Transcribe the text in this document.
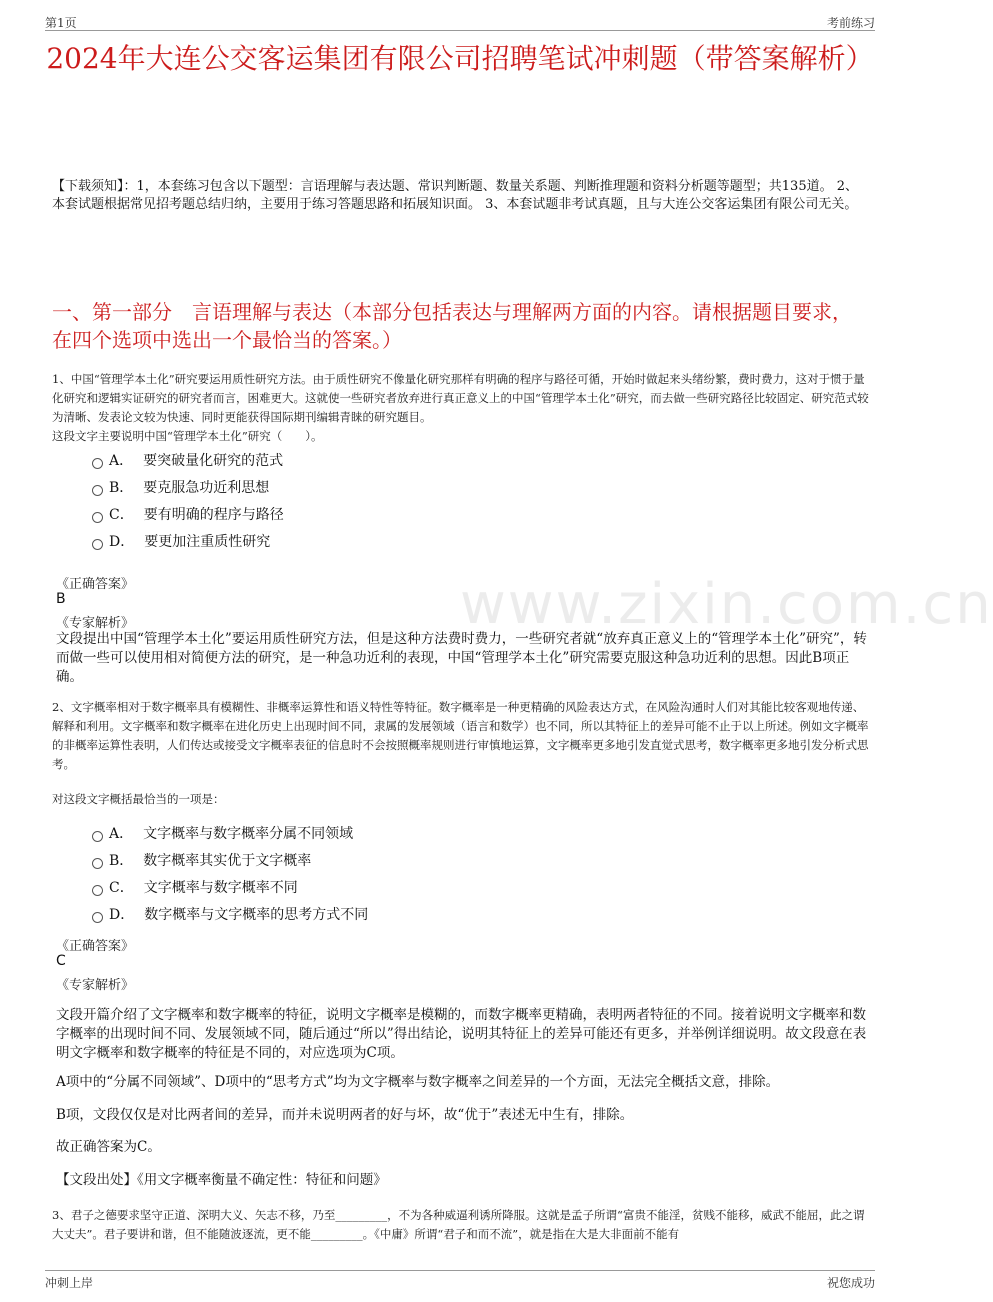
第1页	考前练习
www.zixin.com.cn
2024年大连公交客运集团有限公司招聘笔试冲刺题（带答案解析）
【下载须知】：1，本套练习包含以下题型：言语理解与表达题、常识判断题、数量关系题、判断推理题和资料分析题等题型；共135道。 2、本套试题根据常见招考题总结归纳，主要用于练习答题思路和拓展知识面。 3、本套试题非考试真题，且与大连公交客运集团有限公司无关。
一、第一部分　言语理解与表达（本部分包括表达与理解两方面的内容。请根据题目要求，在四个选项中选出一个最恰当的答案。）
1、中国“管理学本土化”研究要运用质性研究方法。由于质性研究不像量化研究那样有明确的程序与路径可循，开始时做起来头绪纷繁，费时费力，这对于惯于量化研究和逻辑实证研究的研究者而言，困难更大。这就使一些研究者放弃进行真正意义上的中国“管理学本土化”研究，而去做一些研究路径比较固定、研究范式较为清晰、发表论文较为快速、同时更能获得国际期刊编辑青睐的研究题目。
这段文字主要说明中国“管理学本土化”研究（　　）。
A． 要突破量化研究的范式
B． 要克服急功近利思想
C． 要有明确的程序与路径
D． 要更加注重质性研究
《正确答案》
B
《专家解析》
文段提出中国“管理学本土化”要运用质性研究方法，但是这种方法费时费力，一些研究者就“放弃真正意义上的“管理学本土化”研究”，转而做一些可以使用相对简便方法的研究，是一种急功近利的表现，中国“管理学本土化”研究需要克服这种急功近利的思想。因此B项正确。
2、文字概率相对于数字概率具有模糊性、非概率运算性和语义特性等特征。数字概率是一种更精确的风险表达方式，在风险沟通时人们对其能比较客观地传递、解释和利用。文字概率和数字概率在进化历史上出现时间不同，隶属的发展领域（语言和数学）也不同，所以其特征上的差异可能不止于以上所述。例如文字概率的非概率运算性表明，人们传达或接受文字概率表征的信息时不会按照概率规则进行审慎地运算，文字概率更多地引发直觉式思考，数字概率更多地引发分析式思考。
对这段文字概括最恰当的一项是：
A． 文字概率与数字概率分属不同领域
B． 数字概率其实优于文字概率
C． 文字概率与数字概率不同
D． 数字概率与文字概率的思考方式不同
《正确答案》
C
《专家解析》
文段开篇介绍了文字概率和数字概率的特征，说明文字概率是模糊的，而数字概率更精确，表明两者特征的不同。接着说明文字概率和数字概率的出现时间不同、发展领域不同，随后通过“所以”得出结论，说明其特征上的差异可能还有更多，并举例详细说明。故文段意在表明文字概率和数字概率的特征是不同的，对应选项为C项。
A项中的“分属不同领域”、D项中的“思考方式”均为文字概率与数字概率之间差异的一个方面，无法完全概括文意，排除。
B项，文段仅仅是对比两者间的差异，而并未说明两者的好与坏，故“优于”表述无中生有，排除。
故正确答案为C。
【文段出处】《用文字概率衡量不确定性：特征和问题》
3、君子之德要求坚守正道、深明大义、矢志不移，乃至_________，不为各种威逼利诱所降服。这就是孟子所谓“富贵不能淫，贫贱不能移，威武不能屈，此之谓大丈夫”。君子要讲和谐，但不能随波逐流，更不能_________。《中庸》所谓“君子和而不流”，就是指在大是大非面前不能有
冲刺上岸	祝您成功
